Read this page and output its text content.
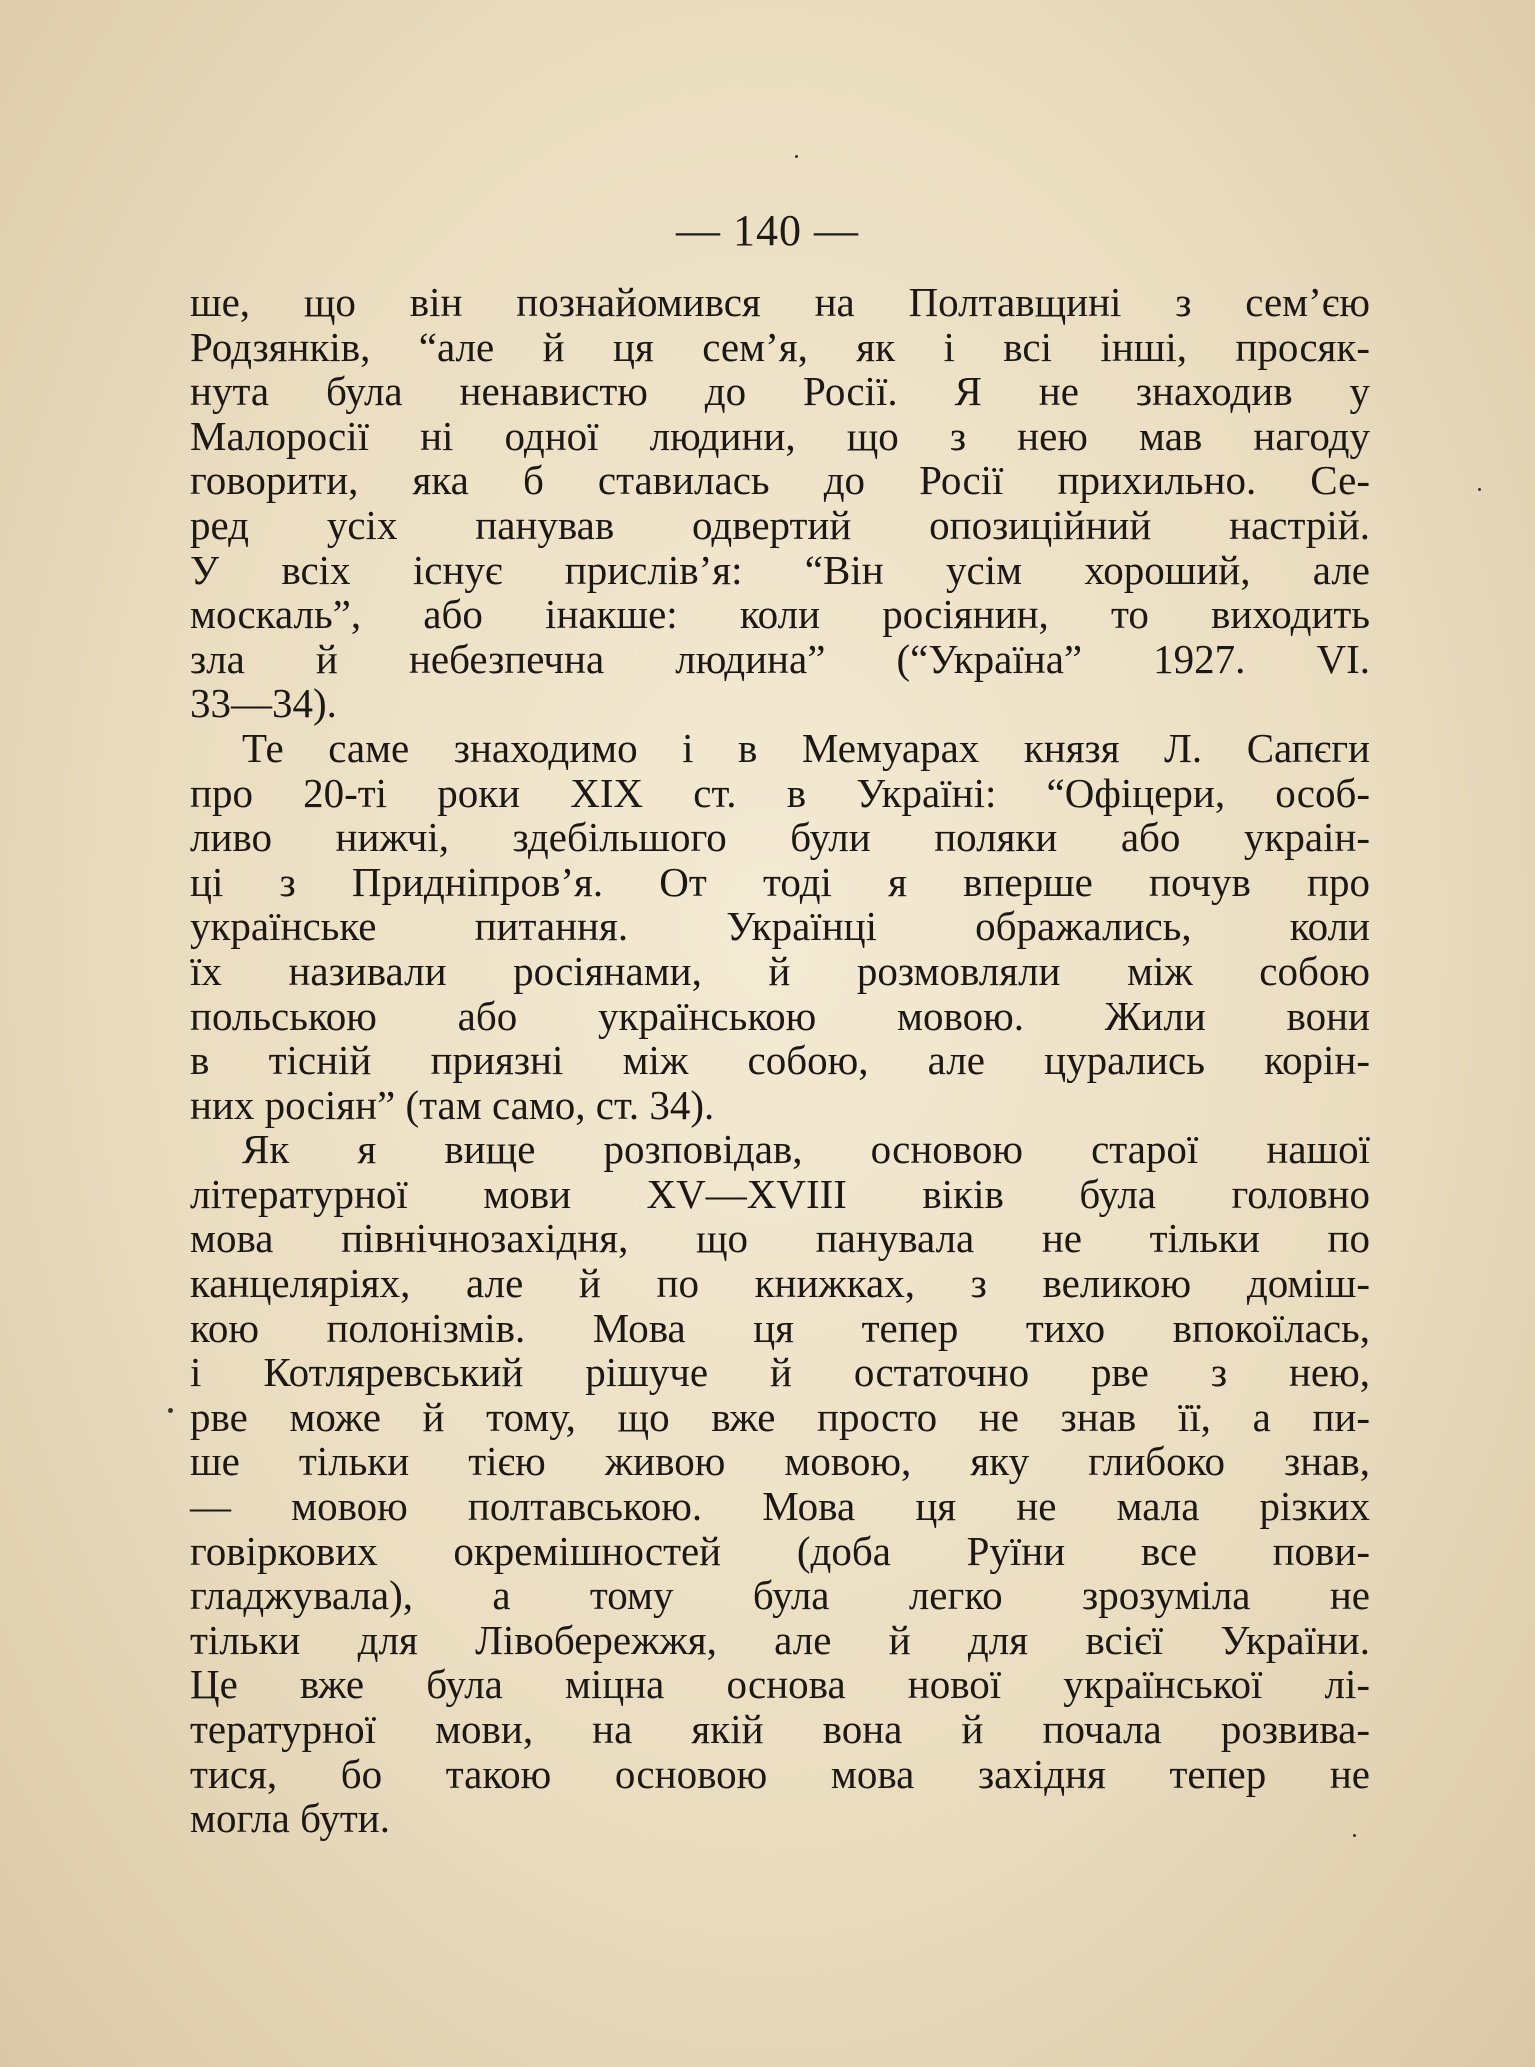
— 140 —

ше, що він познайомився на Полтавщині з сем’єю
Родзянків, “але й ця сем’я, як і всі інші, просяк-
нута була ненавистю до Росії. Я не знаходив у
Малоросії ні одної людини, що з нею мав нагоду
говорити, яка б ставилась до Росії прихильно. Се-
ред усіх панував одвертий опозиційний настрій.
У всіх існує прислів’я: “Він усім хороший, але
москаль”, або інакше: коли росіянин, то виходить
зла й небезпечна людина” (“Україна” 1927. VI.
33—34).

Те саме знаходимо і в Мемуарах князя Л. Сапєги
про 20-ті роки XIX ст. в Україні: “Офіцери, особ-
ливо нижчі, здебільшого були поляки або украін-
ці з Придніпров’я. От тоді я вперше почув про
українське питання. Українці ображались, коли
їх називали росіянами, й розмовляли між собою
польською або українською мовою. Жили вони
в тісній приязні між собою, але цурались корін-
них росіян” (там само, ст. 34).

Як я вище розповідав, основою старої нашої
літературної мови XV—XVIII віків була головно
мова північнозахідня, що панувала не тільки по
канцеляріях, але й по книжках, з великою доміш-
кою полонізмів. Мова ця тепер тихо впокоїлась,
і Котляревський рішуче й остаточно рве з нею,
рве може й тому, що вже просто не знав її, а пи-
ше тільки тією живою мовою, яку глибоко знав,
— мовою полтавською. Мова ця не мала різких
говіркових окремішностей (доба Руїни все пови-
гладжувала), а тому була легко зрозуміла не
тільки для Лівобережжя, але й для всієї України.
Це вже була міцна основа нової української лі-
тературної мови, на якій вона й почала розвива-
тися, бо такою основою мова західня тепер не
могла бути.
